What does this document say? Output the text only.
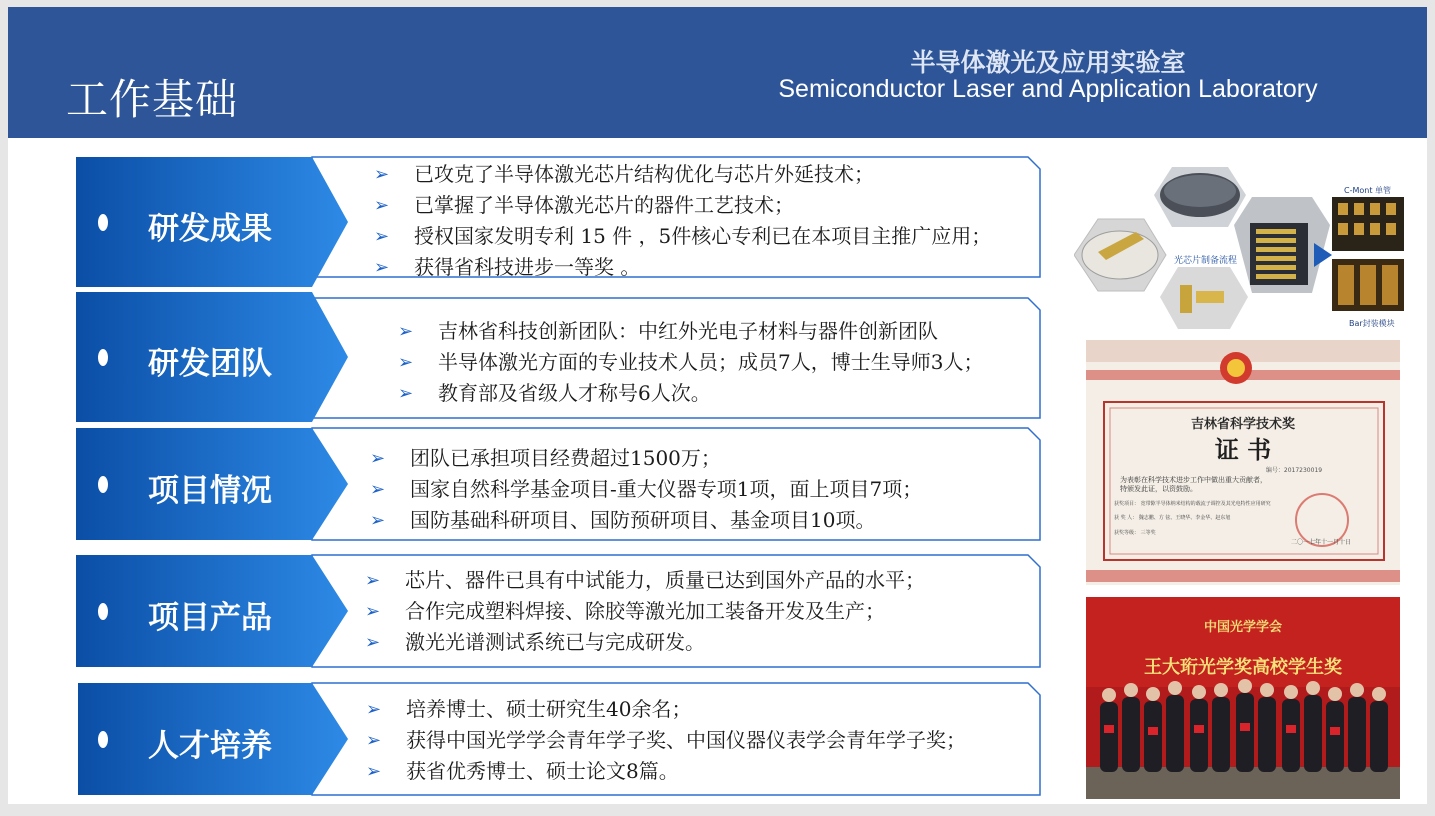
工作基础
半导体激光及应用实验室
Semiconductor Laser and Application Laboratory
研发成果
➢ 已攻克了半导体激光芯片结构优化与芯片外延技术；
➢ 已掌握了半导体激光芯片的器件工艺技术；
➢ 授权国家发明专利 15 件 ，5件核心专利已在本项目主推广应用；
➢ 获得省科技进步一等奖 。
研发团队
➢ 吉林省科技创新团队：中红外光电子材料与器件创新团队
➢ 半导体激光方面的专业技术人员；成员7人，博士生导师3人；
➢ 教育部及省级人才称号6人次。
项目情况
➢ 团队已承担项目经费超过1500万；
➢ 国家自然科学基金项目-重大仪器专项1项，面上项目7项；
➢ 国防基础科研项目、国防预研项目、基金项目10项。
项目产品
➢ 芯片、器件已具有中试能力，质量已达到国外产品的水平；
➢ 合作完成塑料焊接、除胶等激光加工装备开发及生产；
➢ 激光光谱测试系统已与完成研发。
人才培养
➢ 培养博士、硕士研究生40余名；
➢ 获得中国光学学会青年学子奖、中国仪器仪表学会青年学子奖；
➢ 获省优秀博士、硕士论文8篇。
光芯片制备流程
C-Mont 单管
Bar封装模块
吉林省科学技术奖
证 书
编号：2017230019
为表彰在科学技术进步工作中做出重大贡献者，
特颁发此证，以资鼓励。
获奖项目： 宽带隙半导体纳米结构的载流子调控及其光电特性应用研究
获 奖 人： 魏志鹏、方 铉、王晓华、李金华、赵东旭
获奖等级： 三等奖
二〇一七年十一月十日
中国光学学会
王大珩光学奖高校学生奖
